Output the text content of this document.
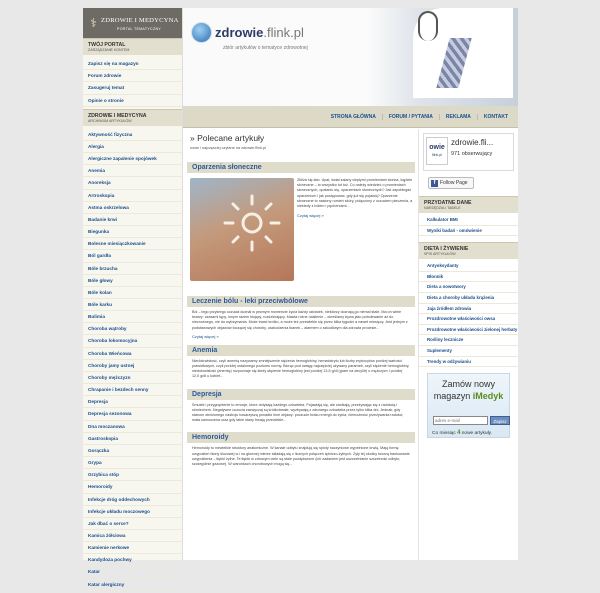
⚕ ZDROWIE I MEDYCYNA
PORTAL TEMATYCZNY
TWÓJ PORTAL
ZARZĄDZANIE KONTEM
Zapisz się na magazyn
Forum zdrowie
Zasugeruj temat
Opinie o stronie
ZDROWIE I MEDYCYNA
ARCHIWUM ARTYKUŁÓW
Aktywność fizyczna
Alergia
Alergiczne zapalenie spojówek
Anemia
Anoreksja
Artroskopia
Astma oskrzelowa
Badanie krwi
Biegunka
Bolesne miesiączkowanie
Ból gardła
Bóle brzucha
Bóle głowy
Bóle kolan
Bóle karku
Bulimia
Choroba wątroby
Choroba lokomocyjna
Choroba Wieńcowa
Choroby jamy ustnej
Choroby mężczyzn
Chrapanie i bezdech senny
Depresja
Depresja sezonowa
Dna moczanowa
Gastroskopia
Gorączka
Grypa
Grzybica stóp
Hemoroidy
Infekcje dróg oddechowych
Infekcje układu moczowego
Jak dbać o serce?
Kamica żółciowa
Kamienie nerkowe
Kandydoza pochwy
Katar
Katar alergiczny
zdrowie.flink.pl
zbiór artykułów o tematyce zdrowotnej
STRONA GŁÓWNA	FORUM / PYTANIA	REKLAMA	KONTAKT
» Polecane artykuły
nowe i najczęściej czytane na zdrowie.flink.pl
Oparzenia słoneczne
Zbliża się lato. Upał, świat zalany ciepłymi promieniami słońca, kąpiele słoneczne – to wszystko tut tuż. Co należy wiedzieć o promieniach słonecznych, opalaniu się, oparzeniach słonecznych? Jak zapobiegać oparzeniom i jak postępować, gdy już się pojawią? Oparzenie słoneczne to nasłony rumień skóry, połączony z uczuciem pieczenia, a niekiedy z bólem i pęcherzami...
Czytaj więcej »
Leczenie bólu - leki przeciwbólowe
Ból – tego przykrego uczucia doznał w pewnym momencie życia każdy człowiek, niektórzy doznają go niemal stale. Ma on wiele twarzy: czasami tępy, innym razem kłujący, rozdzierający. Mawia różne nasilenie – określamy bywa jako pobolewanie aż do nieznośnego, nie do wytrzymania. Może trwać krótko, a może też przewlekle się przez kilka tygodni a nawet miesięcy. Jest jednym z podstawowych objawów toczącej się choroby, uszkodzenia tkanek – alarmem o szkodliwym dla zdrowia procesie...
Czytaj więcej »
Anemia
Niedokrwistość, czyli anemią nazywamy zmniejszenie stężenia hemoglobiny, hematokrytu lub liczby erytrocytów poniżej wartości prawidłowych, czyli poniżej ustalonego poziomu normy. Biorąc pod uwagę najczęściej używany parametr, czyli stężenie hemoglobiny, niedokrwistość (anemię) rozpoznaje się kiedy stężenie hemoglobiny jest poniżej 13,5 g/dl (gram na decylitr) u mężczyzn i poniżej 12,0 g/dl u kobiet...
Depresja
Smutek i przygnębienie to emocje, które dotykają każdego człowieka. Pojawiają się, ale zanikają, przeżywając się z radością i uśmiechem. Negatywne uczucia zazwyczaj są krótkotrwałe, wyzbywają z zdrowego człowieka przez tylko kilka dni. Jednak, gdy stanom obniżonego nastroju towarzyszą ponadto inne objawy: poczucie braku energii do życia, niemożność przeżywania radości, mała samoocena oraz gdy takie stany trwają przewlekle...
Hemoroidy
Hemoroidy to niewielkie struktury anatomiczne. W kanale odbytu znajdują się sploty naczyniowe wypełnione krwią. Mają formę uwypukleń błony śluzowej w i na głównej mierze składają się z licznych połączeń tętniczo-żylnych. Żyły tej okolicy tworzą bankowanie uwypuklenia – tłębki żylne. Te tłębki w zdrowym ciele są stale powiększone (ich zadaniem jest uszczelnianie szczelność odbytu, szczególnie gazowe). W warunkach chorobowych mogą się...
owie
flink.pl
zdrowie.fli...
971 obserwujący
f Follow Page
PRZYDATNE DANE
NARZĘDZIA I TABELE
Kalkulator BMI
Wyniki badań - omówienie
DIETA I ŻYWIENIE
SPIS ARTYKUŁÓW
Antyoksydanty
Błonnik
Dieta a nowotwory
Dieta a choroby układu krążenia
Jaja źródłem zdrowia
Prozdrowotne właściwości owsa
Prozdrowotne właściwości zielonej herbaty
Rośliny lecznicze
Suplementy
Trendy w odżywianiu
Zamów nowy
magazyn iMedyk
adres e-mail
Zapisz
Co miesiąc 4 nowe artykuły.
